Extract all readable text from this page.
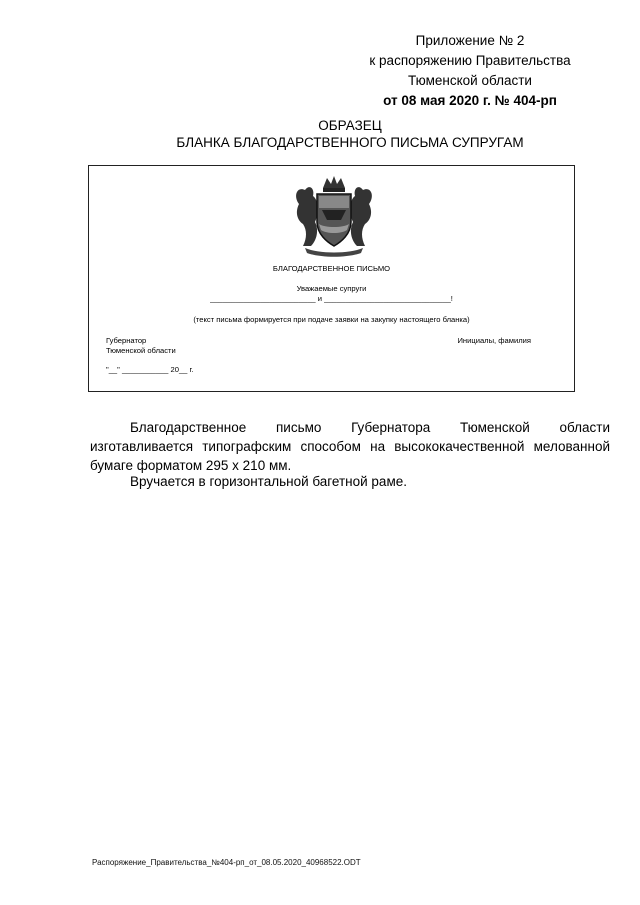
Приложение № 2
к распоряжению Правительства
Тюменской области
от 08 мая 2020 г. № 404-рп
ОБРАЗЕЦ
БЛАНКА БЛАГОДАРСТВЕННОГО ПИСЬМА СУПРУГАМ
БЛАГОДАРСТВЕННОЕ ПИСЬМО
Уважаемые супруги
_________________________ и ______________________________!
(текст письма формируется при подаче заявки на закупку настоящего бланка)
Губернатор
Тюменской области
Инициалы, фамилия
"__" ___________ 20__ г.
Благодарственное письмо Губернатора Тюменской области изготавливается типографским способом на высококачественной мелованной бумаге форматом 295 х 210 мм.
Вручается в горизонтальной багетной раме.
Распоряжение_Правительства_№404-рп_от_08.05.2020_40968522.ODT
